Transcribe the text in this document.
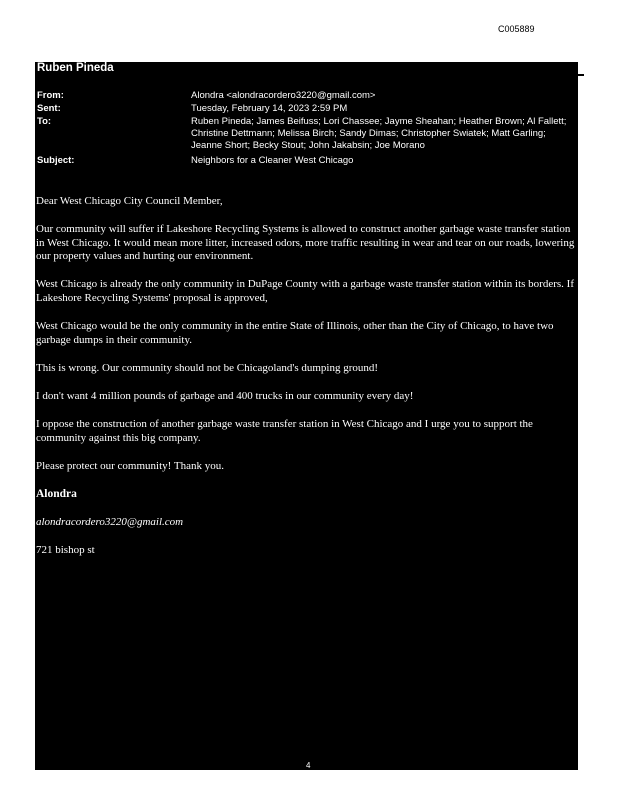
C005889
Ruben Pineda
From:	Alondra <alondracordero3220@gmail.com>
Sent:	Tuesday, February 14, 2023 2:59 PM
To:	Ruben Pineda; James Beifuss; Lori Chassee; Jayme Sheahan; Heather Brown; Al Fallett; Christine Dettmann; Melissa Birch; Sandy Dimas; Christopher Swiatek; Matt Garling; Jeanne Short; Becky Stout; John Jakabsin; Joe Morano
Subject:	Neighbors for a Cleaner West Chicago
Dear West Chicago City Council Member,
Our community will suffer if Lakeshore Recycling Systems is allowed to construct another garbage waste transfer station in West Chicago. It would mean more litter, increased odors, more traffic resulting in wear and tear on our roads, lowering our property values and hurting our environment.
West Chicago is already the only community in DuPage County with a garbage waste transfer station within its borders. If Lakeshore Recycling Systems' proposal is approved,
West Chicago would be the only community in the entire State of Illinois, other than the City of Chicago, to have two garbage dumps in their community.
This is wrong. Our community should not be Chicagoland's dumping ground!
I don't want 4 million pounds of garbage and 400 trucks in our community every day!
I oppose the construction of another garbage waste transfer station in West Chicago and I urge you to support the community against this big company.
Please protect our community! Thank you.
Alondra
alondracordero3220@gmail.com
721 bishop st
4
